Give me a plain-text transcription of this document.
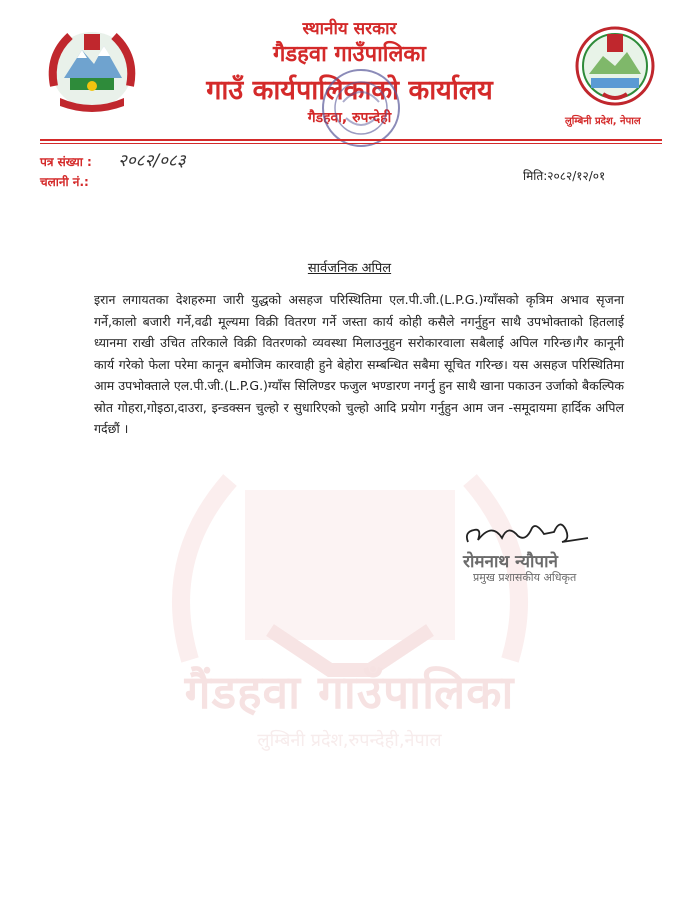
गैंडहवा गाउँपालिका
लुम्बिनी प्रदेश,रुपन्देही,नेपाल
लुम्बिनी प्रदेश, नेपाल
स्थानीय सरकार
गैडहवा गाउँपालिका
गाउँ कार्यपालिकाको कार्यालय
गैडहवा, रुपन्देही
पत्र संख्या : २०८२/०८३
चलानी नं.:	मिति:२०८२/१२/०१
सार्वजनिक अपिल
इरान लगायतका देशहरुमा जारी युद्धको असहज परिस्थितिमा एल.पी.जी.(L.P.G.)ग्याँसको कृत्रिम अभाव सृजना गर्ने,कालो बजारी गर्ने,वढी मूल्यमा विक्री वितरण गर्ने जस्ता कार्य कोही कसैले नगर्नुहुन साथै उपभोक्ताको हितलाई ध्यानमा राखी उचित तरिकाले विक्री वितरणको व्यवस्था मिलाउनुहुन सरोकारवाला सबैलाई अपिल गरिन्छ।गैर कानूनी कार्य गरेको फेला परेमा कानून बमोजिम कारवाही हुने बेहोरा सम्बन्धित सबैमा सूचित गरिन्छ। यस असहज परिस्थितिमा आम उपभोक्ताले एल.पी.जी.(L.P.G.)ग्याँस सिलिण्डर फजुल भण्डारण नगर्नु हुन साथै खाना पकाउन उर्जाको बैकल्पिक स्रोत गोहरा,गोइठा,दाउरा, इन्डक्सन चुल्हो र सुधारिएको चुल्हो आदि प्रयोग गर्नुहुन आम जन -समूदायमा हार्दिक अपिल गर्दछौं ।
रोमनाथ न्यौपाने
प्रमुख प्रशासकीय अधिकृत
